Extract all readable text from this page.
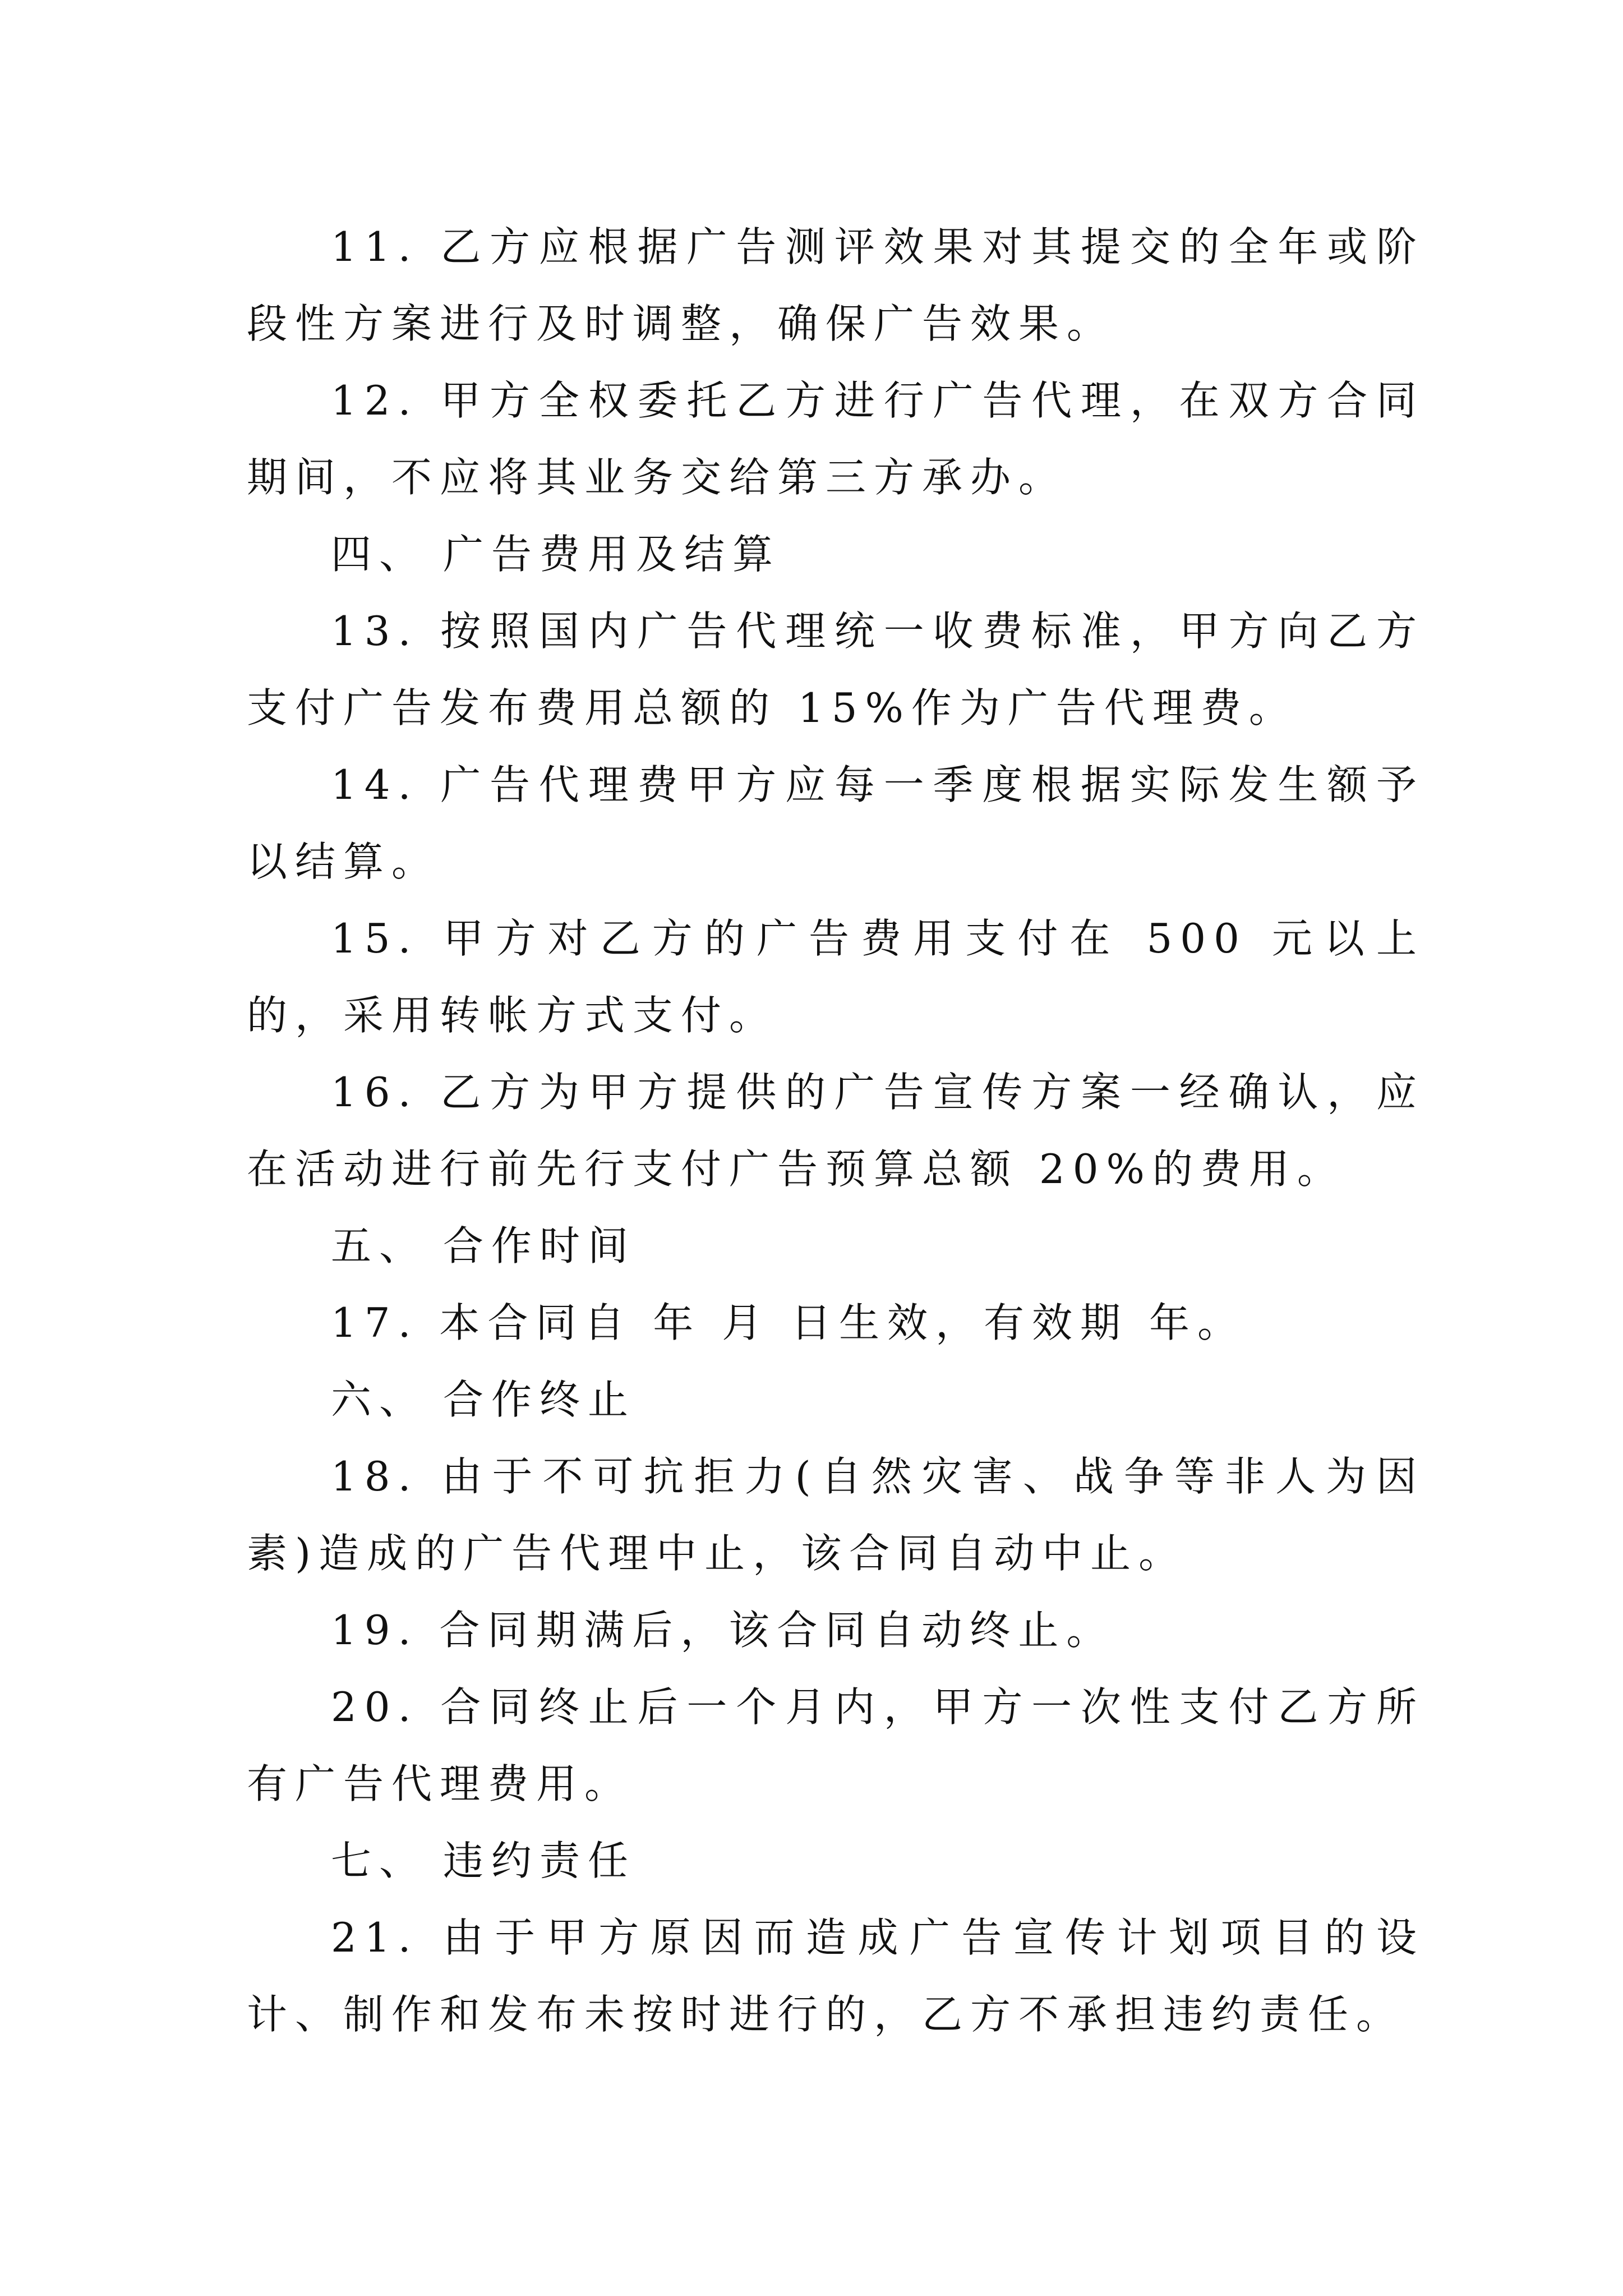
11. 乙方应根据广告测评效果对其提交的全年或阶段性方案进行及时调整，确保广告效果。

12. 甲方全权委托乙方进行广告代理，在双方合同期间，不应将其业务交给第三方承办。

四、 广告费用及结算

13. 按照国内广告代理统一收费标准，甲方向乙方支付广告发布费用总额的 15%作为广告代理费。

14. 广告代理费甲方应每一季度根据实际发生额予以结算。

15. 甲方对乙方的广告费用支付在 500 元以上的，采用转帐方式支付。

16. 乙方为甲方提供的广告宣传方案一经确认，应在活动进行前先行支付广告预算总额 20%的费用。

五、 合作时间

17. 本合同自 年 月 日生效，有效期 年。

六、 合作终止

18. 由于不可抗拒力(自然灾害、战争等非人为因素)造成的广告代理中止，该合同自动中止。

19. 合同期满后，该合同自动终止。

20. 合同终止后一个月内，甲方一次性支付乙方所有广告代理费用。

七、 违约责任

21. 由于甲方原因而造成广告宣传计划项目的设计、制作和发布未按时进行的，乙方不承担违约责任。
